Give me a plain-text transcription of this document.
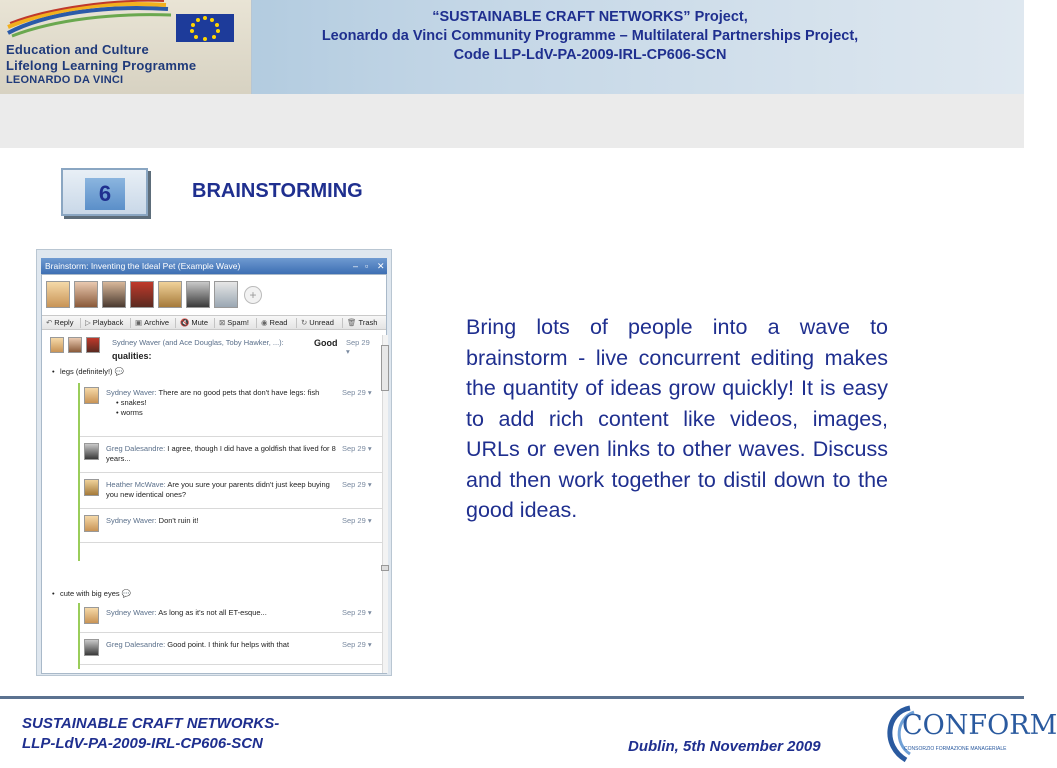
Education and Culture
Lifelong Learning Programme
LEONARDO DA VINCI
“SUSTAINABLE CRAFT NETWORKS” Project,
Leonardo da Vinci Community Programme – Multilateral Partnerships Project,
Code LLP-LdV-PA-2009-IRL-CP606-SCN
6	BRAINSTORMING
Brainstorm: Inventing the Ideal Pet (Example Wave)	– ▫ ✕
+
↶ Reply ▷ Playback ▣ Archive 🔇 Mute ⊠ Spam! ◉ Read ↻ Unread 🗑 Trash
Sydney Waver (and Ace Douglas, Toby Hawker, ...):	Good
qualities:
Sep 29 ▾
• legs (definitely!) 💬
Sydney Waver: There are no good pets that don't have legs: fish
• snakes!
• worms
Sep 29 ▾
Greg Dalesandre: I agree, though I did have a goldfish that lived for 8 years...
Sep 29 ▾
Heather McWave: Are you sure your parents didn't just keep buying you new identical ones?
Sep 29 ▾
Sydney Waver: Don't ruin it!	Sep 29 ▾
• cute with big eyes 💬
Sydney Waver: As long as it's not all ET-esque...	Sep 29 ▾
Greg Dalesandre: Good point. I think fur helps with that	Sep 29 ▾
Bring lots of people into a wave to brainstorm - live concurrent editing makes the quantity of ideas grow quickly! It is easy to add rich content like videos, images, URLs or even links to other waves. Discuss and then work together to distil down to the good ideas.
SUSTAINABLE CRAFT NETWORKS-
LLP-LdV-PA-2009-IRL-CP606-SCN	Dublin, 5th November 2009
CONFORM
CONSORZIO FORMAZIONE MANAGERIALE
